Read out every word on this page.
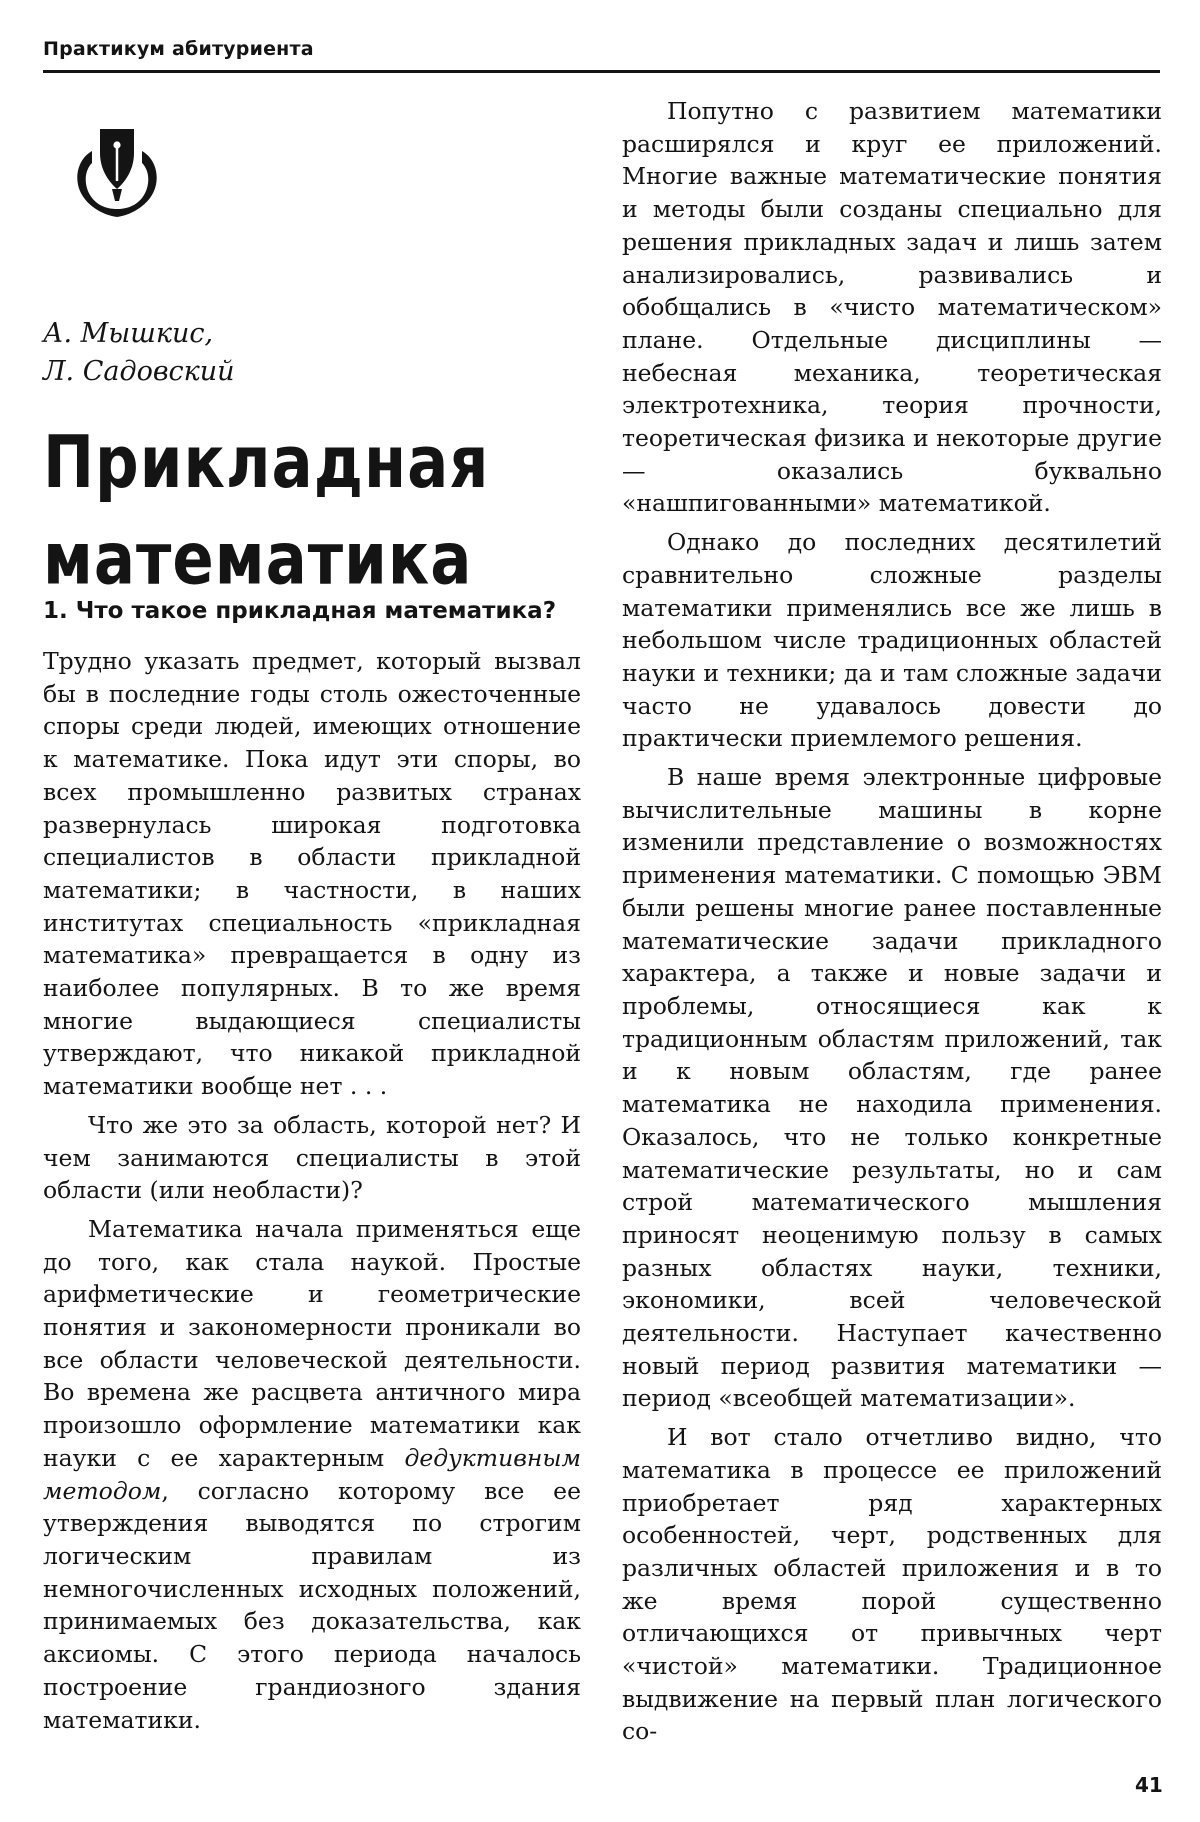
Практикум абитуриента
А. Мышкис,
Л. Садовский
Прикладная
математика
1. Что такое прикладная математика?

Трудно указать предмет, который вызвал бы в последние годы столь ожесточенные споры среди людей, имеющих отношение к математике. Пока идут эти споры, во всех промышленно развитых странах развернулась широкая подготовка специалистов в области прикладной математики; в частности, в наших институтах специальность «прикладная математика» превращается в одну из наиболее популярных. В то же время многие выдающиеся специалисты утверждают, что никакой прикладной математики вообще нет . . .

Что же это за область, которой нет? И чем занимаются специалисты в этой области (или необласти)?

Математика начала применяться еще до того, как стала наукой. Простые арифметические и геометрические понятия и закономерности проникали во все области человеческой деятельности. Во времена же расцвета античного мира произошло оформление математики как науки с ее характерным дедуктивным методом, согласно которому все ее утверждения выводятся по строгим логическим правилам из немногочисленных исходных положений, принимаемых без доказательства, как аксиомы. С этого периода началось построение грандиозного здания математики.

Попутно с развитием математики расширялся и круг ее приложений. Многие важные математические понятия и методы были созданы специально для решения прикладных задач и лишь затем анализировались, развивались и обобщались в «чисто математическом» плане. Отдельные дисциплины — небесная механика, теоретическая электротехника, теория прочности, теоретическая физика и некоторые другие — оказались буквально «нашпигованными» математикой.

Однако до последних десятилетий сравнительно сложные разделы математики применялись все же лишь в небольшом числе традиционных областей науки и техники; да и там сложные задачи часто не удавалось довести до практически приемлемого решения.

В наше время электронные цифровые вычислительные машины в корне изменили представление о возможностях применения математики. С помощью ЭВМ были решены многие ранее поставленные математические задачи прикладного характера, а также и новые задачи и проблемы, относящиеся как к традиционным областям приложений, так и к новым областям, где ранее математика не находила применения. Оказалось, что не только конкретные математические результаты, но и сам строй математического мышления приносят неоценимую пользу в самых разных областях науки, техники, экономики, всей человеческой деятельности. Наступает качественно новый период развития математики — период «всеобщей математизации».

И вот стало отчетливо видно, что математика в процессе ее приложений приобретает ряд характерных особенностей, черт, родственных для различных областей приложения и в то же время порой существенно отличающихся от привычных черт «чистой» математики. Традиционное выдвижение на первый план логического со-

41
